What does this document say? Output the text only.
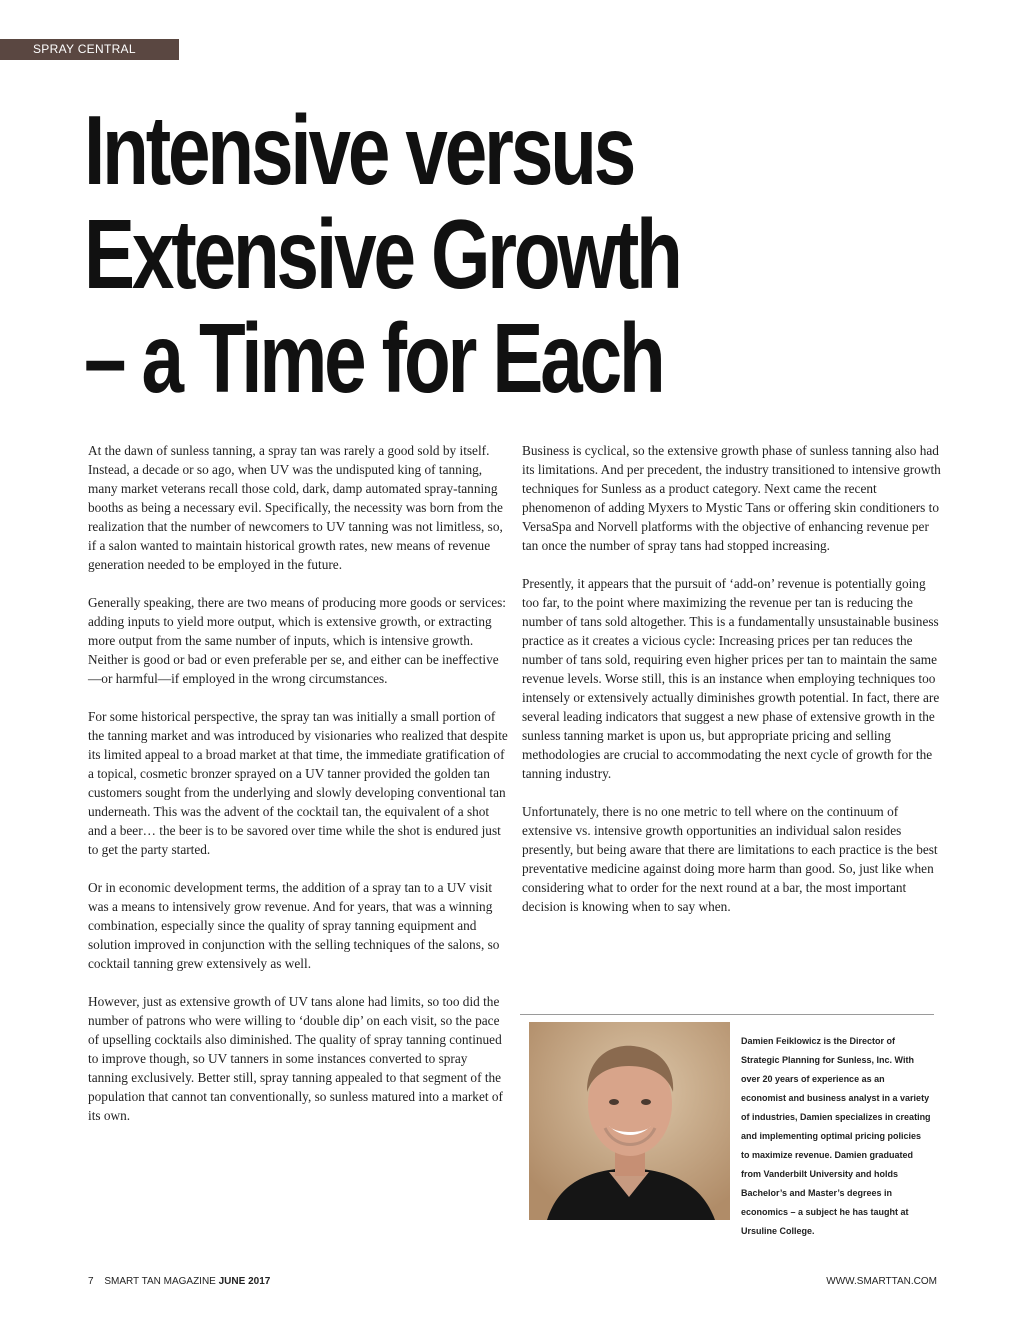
SPRAY CENTRAL
Intensive versus
Extensive Growth
– a Time for Each

At the dawn of sunless tanning, a spray tan was rarely a good sold by itself. Instead, a decade or so ago, when UV was the undisputed king of tanning, many market veterans recall those cold, dark, damp automated spray-tanning booths as being a necessary evil. Specifically, the necessity was born from the realization that the number of newcomers to UV tanning was not limitless, so, if a salon wanted to maintain historical growth rates, new means of revenue generation needed to be employed in the future.

Generally speaking, there are two means of producing more goods or services: adding inputs to yield more output, which is extensive growth, or extracting more output from the same number of inputs, which is intensive growth. Neither is good or bad or even preferable per se, and either can be ineffective—or harmful—if employed in the wrong circumstances.

For some historical perspective, the spray tan was initially a small portion of the tanning market and was introduced by visionaries who realized that despite its limited appeal to a broad market at that time, the immediate gratification of a topical, cosmetic bronzer sprayed on a UV tanner provided the golden tan customers sought from the underlying and slowly developing conventional tan underneath. This was the advent of the cocktail tan, the equivalent of a shot and a beer… the beer is to be savored over time while the shot is endured just to get the party started.

Or in economic development terms, the addition of a spray tan to a UV visit was a means to intensively grow revenue. And for years, that was a winning combination, especially since the quality of spray tanning equipment and solution improved in conjunction with the selling techniques of the salons, so cocktail tanning grew extensively as well.

However, just as extensive growth of UV tans alone had limits, so too did the number of patrons who were willing to ‘double dip’ on each visit, so the pace of upselling cocktails also diminished. The quality of spray tanning continued to improve though, so UV tanners in some instances converted to spray tanning exclusively. Better still, spray tanning appealed to that segment of the population that cannot tan conventionally, so sunless matured into a market of its own.

Business is cyclical, so the extensive growth phase of sunless tanning also had its limitations. And per precedent, the industry transitioned to intensive growth techniques for Sunless as a product category. Next came the recent phenomenon of adding Myxers to Mystic Tans or offering skin conditioners to VersaSpa and Norvell platforms with the objective of enhancing revenue per tan once the number of spray tans had stopped increasing.

Presently, it appears that the pursuit of ‘add-on’ revenue is potentially going too far, to the point where maximizing the revenue per tan is reducing the number of tans sold altogether. This is a fundamentally unsustainable business practice as it creates a vicious cycle: Increasing prices per tan reduces the number of tans sold, requiring even higher prices per tan to maintain the same revenue levels. Worse still, this is an instance when employing techniques too intensely or extensively actually diminishes growth potential. In fact, there are several leading indicators that suggest a new phase of extensive growth in the sunless tanning market is upon us, but appropriate pricing and selling methodologies are crucial to accommodating the next cycle of growth for the tanning industry.

Unfortunately, there is no one metric to tell where on the continuum of extensive vs. intensive growth opportunities an individual salon resides presently, but being aware that there are limitations to each practice is the best preventative medicine against doing more harm than good. So, just like when considering what to order for the next round at a bar, the most important decision is knowing when to say when.

Damien Feiklowicz is the Director of Strategic Planning for Sunless, Inc. With over 20 years of experience as an economist and business analyst in a variety of industries, Damien specializes in creating and implementing optimal pricing policies to maximize revenue. Damien graduated from Vanderbilt University and holds Bachelor’s and Master’s degrees in economics – a subject he has taught at Ursuline College.
7 SMART TAN MAGAZINE JUNE 2017	WWW.SMARTTAN.COM
